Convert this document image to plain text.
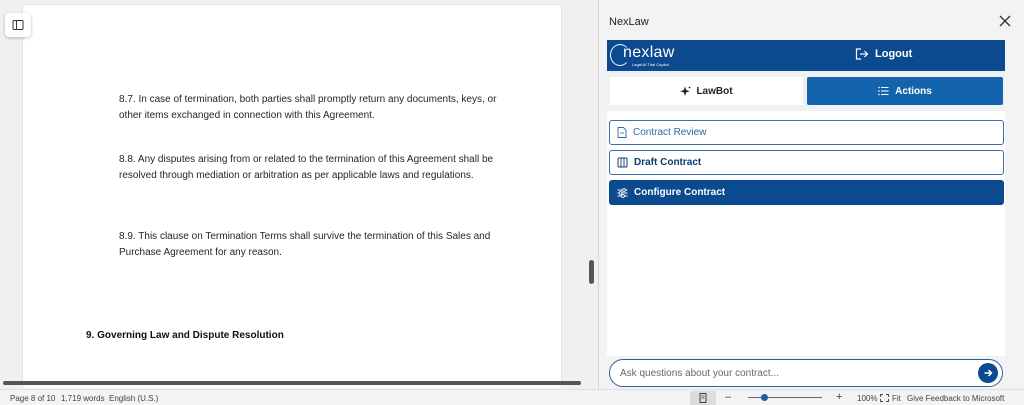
8.7. In case of termination, both parties shall promptly return any documents, keys, or other items exchanged in connection with this Agreement.

8.8. Any disputes arising from or related to the termination of this Agreement shall be resolved through mediation or arbitration as per applicable laws and regulations.

8.9. This clause on Termination Terms shall survive the termination of this Sales and Purchase Agreement for any reason.

9. Governing Law and Dispute Resolution
NexLaw
nexlaw
Legal AI Trial Copilot
Logout
LawBot	Actions
Contract Review
Draft Contract
Configure Contract
Ask questions about your contract...
Page 8 of 10 1,719 words English (U.S.)	–	+ 100% Fit Give Feedback to Microsoft
